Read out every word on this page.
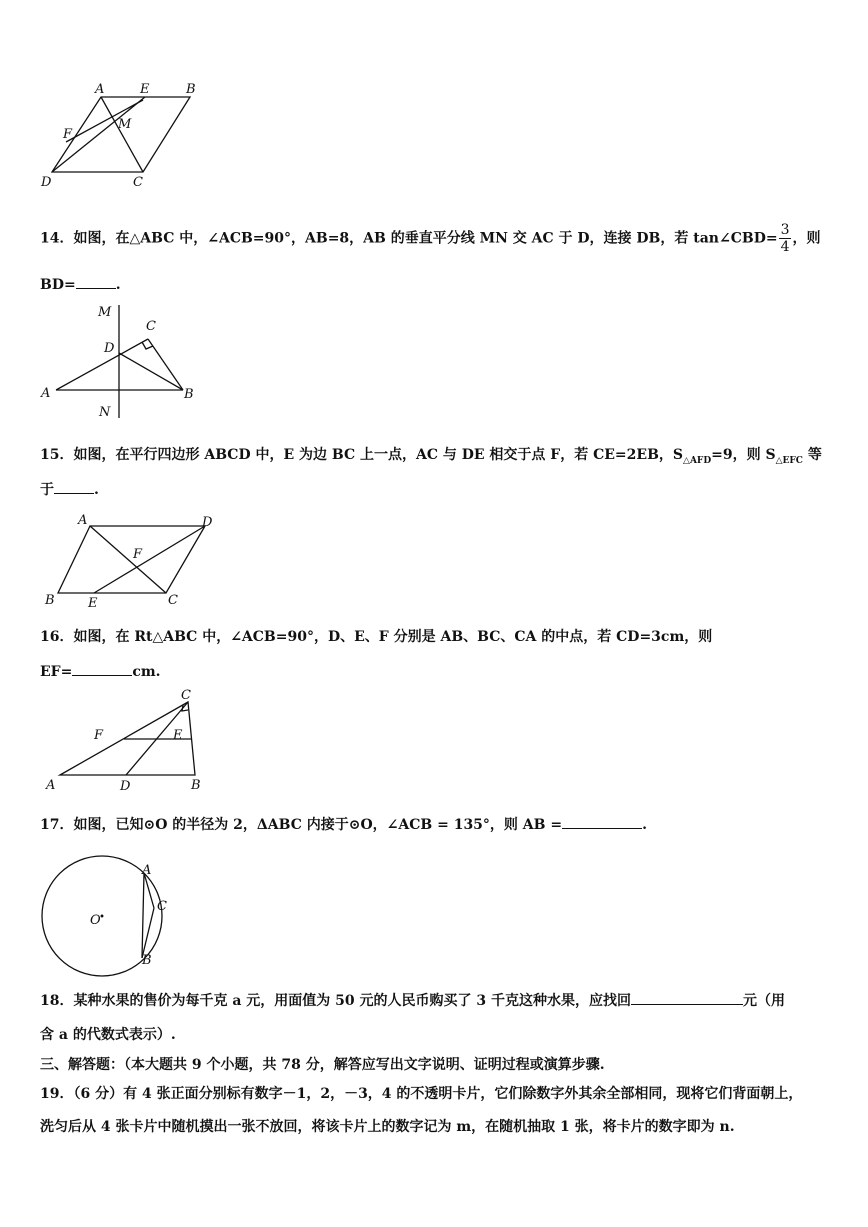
A	E	B
F
M
D	C
14．如图，在△ABC 中，∠ACB=90°，AB=8，AB 的垂直平分线 MN 交 AC 于 D，连接 DB，若 tan∠CBD= $\frac{3}{4}$ ，则
BD=	.
M
C
D
A	B
N
15．如图，在平行四边形 ABCD 中，E 为边 BC 上一点，AC 与 DE 相交于点 F，若 CE=2EB，$S_{\triangle AFD}=9$，则 $S_{\triangle EFC}$ 等
于	.
A	D
F
B	E	C
16．如图，在 Rt△ABC 中，∠ACB=90°，D、E、F 分别是 AB、BC、CA 的中点，若 CD=3cm，则
EF=	cm.
C
F	E
A	D	B
17．如图，已知⊙O 的半径为 2，ΔABC 内接于⊙O，∠ACB = 135°，则 AB =	.
A
C
O
B
18．某种水果的售价为每千克 a 元，用面值为 50 元的人民币购买了 3 千克这种水果，应找回	元（用
含 a 的代数式表示）.
三、解答题：（本大题共 9 个小题，共 78 分，解答应写出文字说明、证明过程或演算步骤.
19．（6 分）有 4 张正面分别标有数字－1，2，－3，4 的不透明卡片，它们除数字外其余全部相同，现将它们背面朝上，
洗匀后从 4 张卡片中随机摸出一张不放回，将该卡片上的数字记为 m，在随机抽取 1 张，将卡片的数字即为 n.
